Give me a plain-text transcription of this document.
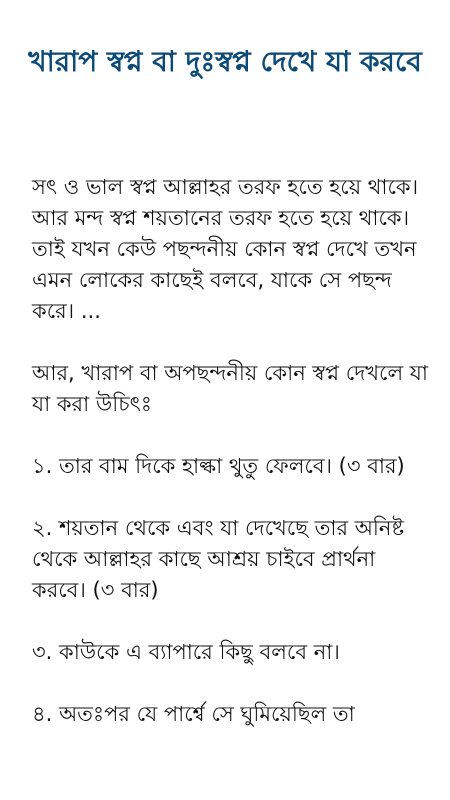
খারাপ স্বপ্ন বা দুঃস্বপ্ন দেখে যা করবে

সৎ ও ভাল স্বপ্ন আল্লাহর তরফ হতে হয়ে থাকে। আর মন্দ স্বপ্ন শয়তানের তরফ হতে হয়ে থাকে। তাই যখন কেউ পছন্দনীয় কোন স্বপ্ন দেখে তখন এমন লোকের কাছেই বলবে, যাকে সে পছন্দ করে। ...

আর, খারাপ বা অপছন্দনীয় কোন স্বপ্ন দেখলে যা যা করা উচিৎঃ

১. তার বাম দিকে হাল্কা থুতু ফেলবে। (৩ বার)

২. শয়তান থেকে এবং যা দেখেছে তার অনিষ্ট থেকে আল্লাহর কাছে আশ্রয় চাইবে প্রার্থনা করবে। (৩ বার)

৩. কাউকে এ ব্যাপারে কিছু বলবে না।

৪. অতঃপর যে পার্শ্বে সে ঘুমিয়েছিল তা
